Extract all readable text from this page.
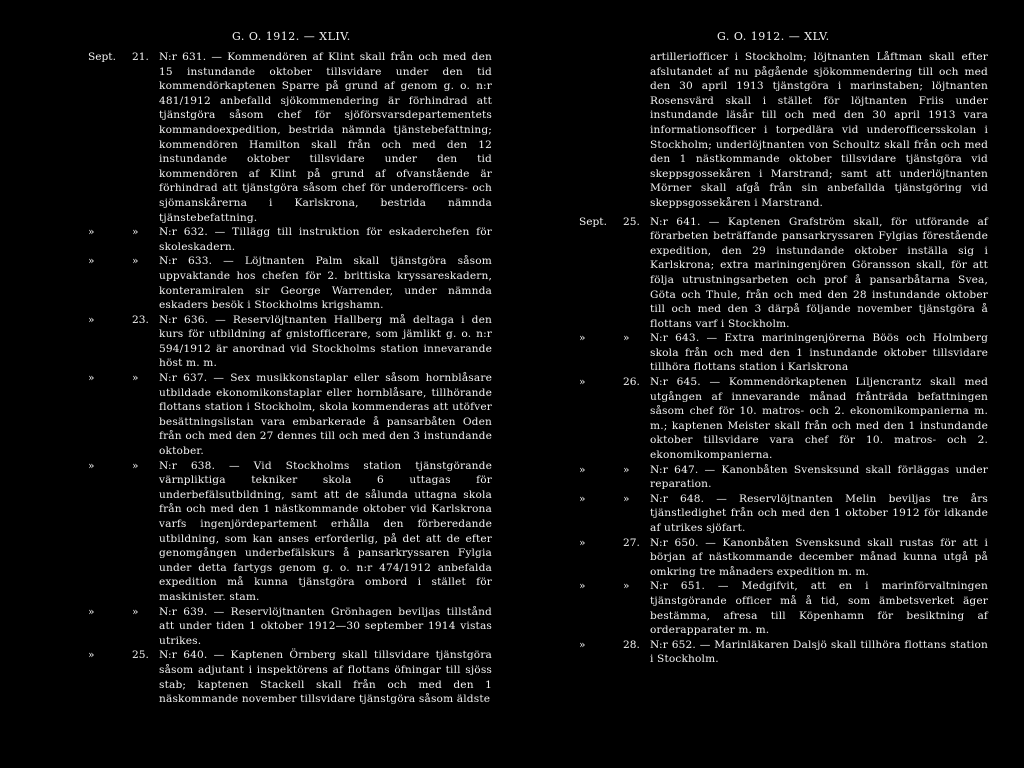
G. O. 1912. — XLIV.
Sept. 21. N:r 631. — Kommendören af Klint skall från och med den 15 instundande oktober tillsvidare under den tid kommendörkaptenen Sparre på grund af genom g. o. n:r 481/1912 anbefalld sjökommendering är förhindrad att tjänstgöra såsom chef för sjöförsvarsdepartementets kommandoexpedition, bestrida nämnda tjänstebefattning; kommendören Hamilton skall från och med den 12 instundande oktober tillsvidare under den tid kommendören af Klint på grund af ofvanstående är förhindrad att tjänstgöra såsom chef för underofficers- och sjömanskårerna i Karlskrona, bestrida nämnda tjänstebefattning.
»	» N:r 632. — Tillägg till instruktion för eskaderchefen för skoleskadern.
»	» N:r 633. — Löjtnanten Palm skall tjänstgöra såsom uppvaktande hos chefen för 2. brittiska kryssareskadern, konteramiralen sir George Warrender, under nämnda eskaders besök i Stockholms krigshamn.
»	23. N:r 636. — Reservlöjtnanten Hallberg må deltaga i den kurs för utbildning af gnistofficerare, som jämlikt g. o. n:r 594/1912 är anordnad vid Stockholms station innevarande höst m. m.
»	» N:r 637. — Sex musikkonstaplar eller såsom hornblåsare utbildade ekonomikonstaplar eller hornblåsare, tillhörande flottans station i Stockholm, skola kommenderas att utöfver besättningslistan vara embarkerade å pansarbåten Oden från och med den 27 dennes till och med den 3 instundande oktober.
»	» N:r 638. — Vid Stockholms station tjänstgörande värnpliktiga tekniker skola 6 uttagas för underbefälsutbildning, samt att de sålunda uttagna skola från och med den 1 nästkommande oktober vid Karlskrona varfs ingenjördepartement erhålla den förberedande utbildning, som kan anses erforderlig, på det att de efter genomgången underbefälskurs å pansarkryssaren Fylgia under detta fartygs genom g. o. n:r 474/1912 anbefalda expedition må kunna tjänstgöra ombord i stället för maskinister. stam.
»	» N:r 639. — Reservlöjtnanten Grönhagen beviljas tillstånd att under tiden 1 oktober 1912—30 september 1914 vistas utrikes.
»	25. N:r 640. — Kaptenen Örnberg skall tillsvidare tjänstgöra såsom adjutant i inspektörens af flottans öfningar till sjöss stab; kaptenen Stackell skall från och med den 1 näskommande november tillsvidare tjänstgöra såsom äldste
G. O. 1912. — XLV.
artilleriofficer i Stockholm; löjtnanten Låftman skall efter afslutandet af nu pågående sjökommendering till och med den 30 april 1913 tjänstgöra i marinstaben; löjtnanten Rosensvärd skall i stället för löjtnanten Friis under instundande läsår till och med den 30 april 1913 vara informationsofficer i torpedlära vid underofficersskolan i Stockholm; underlöjtnanten von Schoultz skall från och med den 1 nästkommande oktober tillsvidare tjänstgöra vid skeppsgossekåren i Marstrand; samt att underlöjtnanten Mörner skall afgå från sin anbefallda tjänstgöring vid skeppsgossekåren i Marstrand.
Sept. 25. N:r 641. — Kaptenen Grafström skall, för utförande af förarbeten beträffande pansarkryssaren Fylgias förestående expedition, den 29 instundande oktober inställa sig i Karlskrona; extra mariningenjören Göransson skall, för att följa utrustningsarbeten och prof å pansarbåtarna Svea, Göta och Thule, från och med den 28 instundande oktober till och med den 3 därpå följande november tjänstgöra å flottans varf i Stockholm.
»	» N:r 643. — Extra mariningenjörerna Böös och Holmberg skola från och med den 1 instundande oktober tillsvidare tillhöra flottans station i Karlskrona
»	26. N:r 645. — Kommendörkaptenen Liljencrantz skall med utgången af innevarande månad frånträda befattningen såsom chef för 10. matros- och 2. ekonomikompanierna m. m.; kaptenen Meister skall från och med den 1 instundande oktober tillsvidare vara chef för 10. matros- och 2. ekonomikompanierna.
»	» N:r 647. — Kanonbåten Svensksund skall förläggas under reparation.
»	» N:r 648. — Reservlöjtnanten Melin beviljas tre års tjänstledighet från och med den 1 oktober 1912 för idkande af utrikes sjöfart.
»	27. N:r 650. — Kanonbåten Svensksund skall rustas för att i början af nästkommande december månad kunna utgå på omkring tre månaders expedition m. m.
»	» N:r 651. — Medgifvit, att en i marinförvaltningen tjänstgörande officer må å tid, som ämbetsverket äger bestämma, afresa till Köpenhamn för besiktning af orderapparater m. m.
»	28. N:r 652. — Marinläkaren Dalsjö skall tillhöra flottans station i Stockholm.
